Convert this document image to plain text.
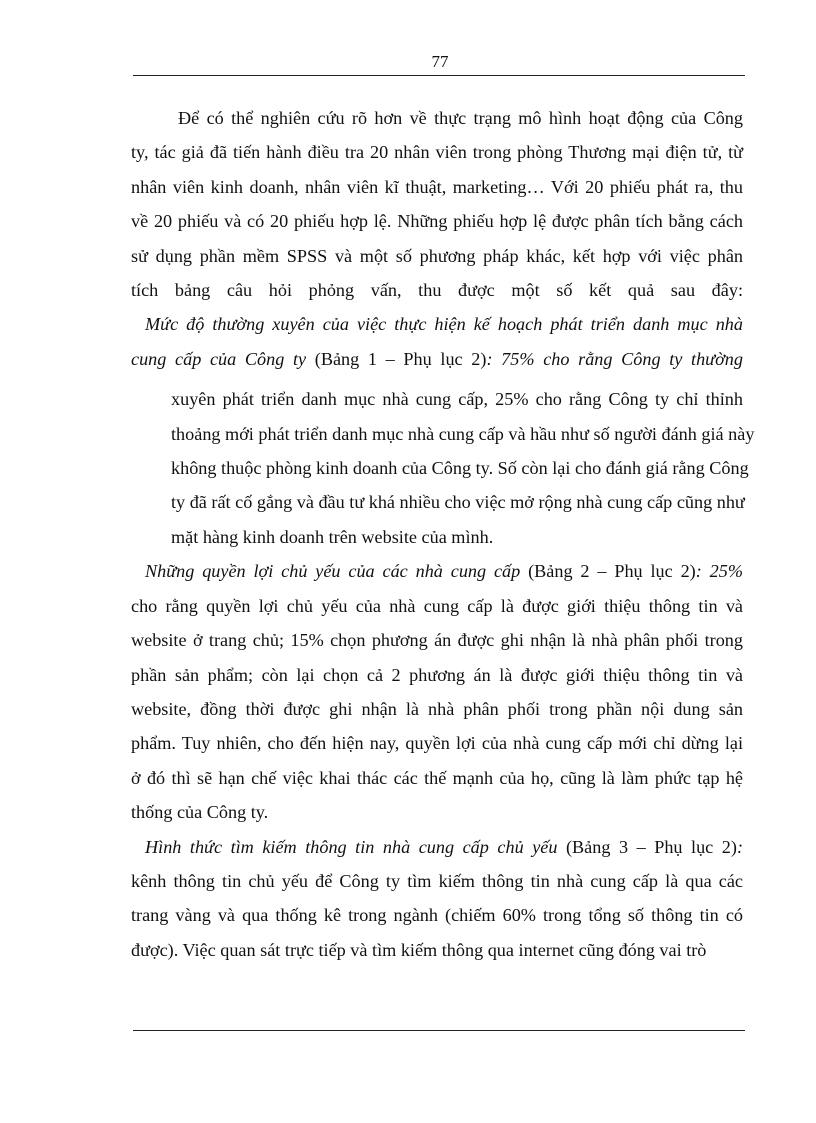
77
Để có thể nghiên cứu rõ hơn về thực trạng mô hình hoạt động của Công
ty, tác giả đã tiến hành điều tra 20 nhân viên trong phòng Thương mại điện tử, từ
nhân viên kinh doanh, nhân viên kĩ thuật, marketing… Với 20 phiếu phát ra, thu
về 20 phiếu và có 20 phiếu hợp lệ. Những phiếu hợp lệ được phân tích bằng cách
sử dụng phần mềm SPSS và một số phương pháp khác, kết hợp với việc phân
tích bảng câu hỏi phỏng vấn, thu được một số kết quả sau đây:
Mức độ thường xuyên của việc thực hiện kế hoạch phát triển danh mục nhà
cung cấp của Công ty (Bảng 1 – Phụ lục 2): 75% cho rằng Công ty thường
xuyên phát triển danh mục nhà cung cấp, 25% cho rằng Công ty chỉ thỉnh
thoảng mới phát triển danh mục nhà cung cấp và hầu như số người đánh giá này
không thuộc phòng kinh doanh của Công ty. Số còn lại cho đánh giá rằng Công
ty đã rất cố gắng và đầu tư khá nhiều cho việc mở rộng nhà cung cấp cũng như
mặt hàng kinh doanh trên website của mình.
Những quyền lợi chủ yếu của các nhà cung cấp (Bảng 2 – Phụ lục 2): 25%
cho rằng quyền lợi chủ yếu của nhà cung cấp là được giới thiệu thông tin và
website ở trang chủ; 15% chọn phương án được ghi nhận là nhà phân phối trong
phần sản phẩm; còn lại chọn cả 2 phương án là được giới thiệu thông tin và
website, đồng thời được ghi nhận là nhà phân phối trong phần nội dung sản
phẩm. Tuy nhiên, cho đến hiện nay, quyền lợi của nhà cung cấp mới chỉ dừng lại
ở đó thì sẽ hạn chế việc khai thác các thế mạnh của họ, cũng là làm phức tạp hệ
thống của Công ty.
Hình thức tìm kiếm thông tin nhà cung cấp chủ yếu (Bảng 3 – Phụ lục 2):
kênh thông tin chủ yếu để Công ty tìm kiếm thông tin nhà cung cấp là qua các
trang vàng và qua thống kê trong ngành (chiếm 60% trong tổng số thông tin có
được). Việc quan sát trực tiếp và tìm kiếm thông qua internet cũng đóng vai trò
